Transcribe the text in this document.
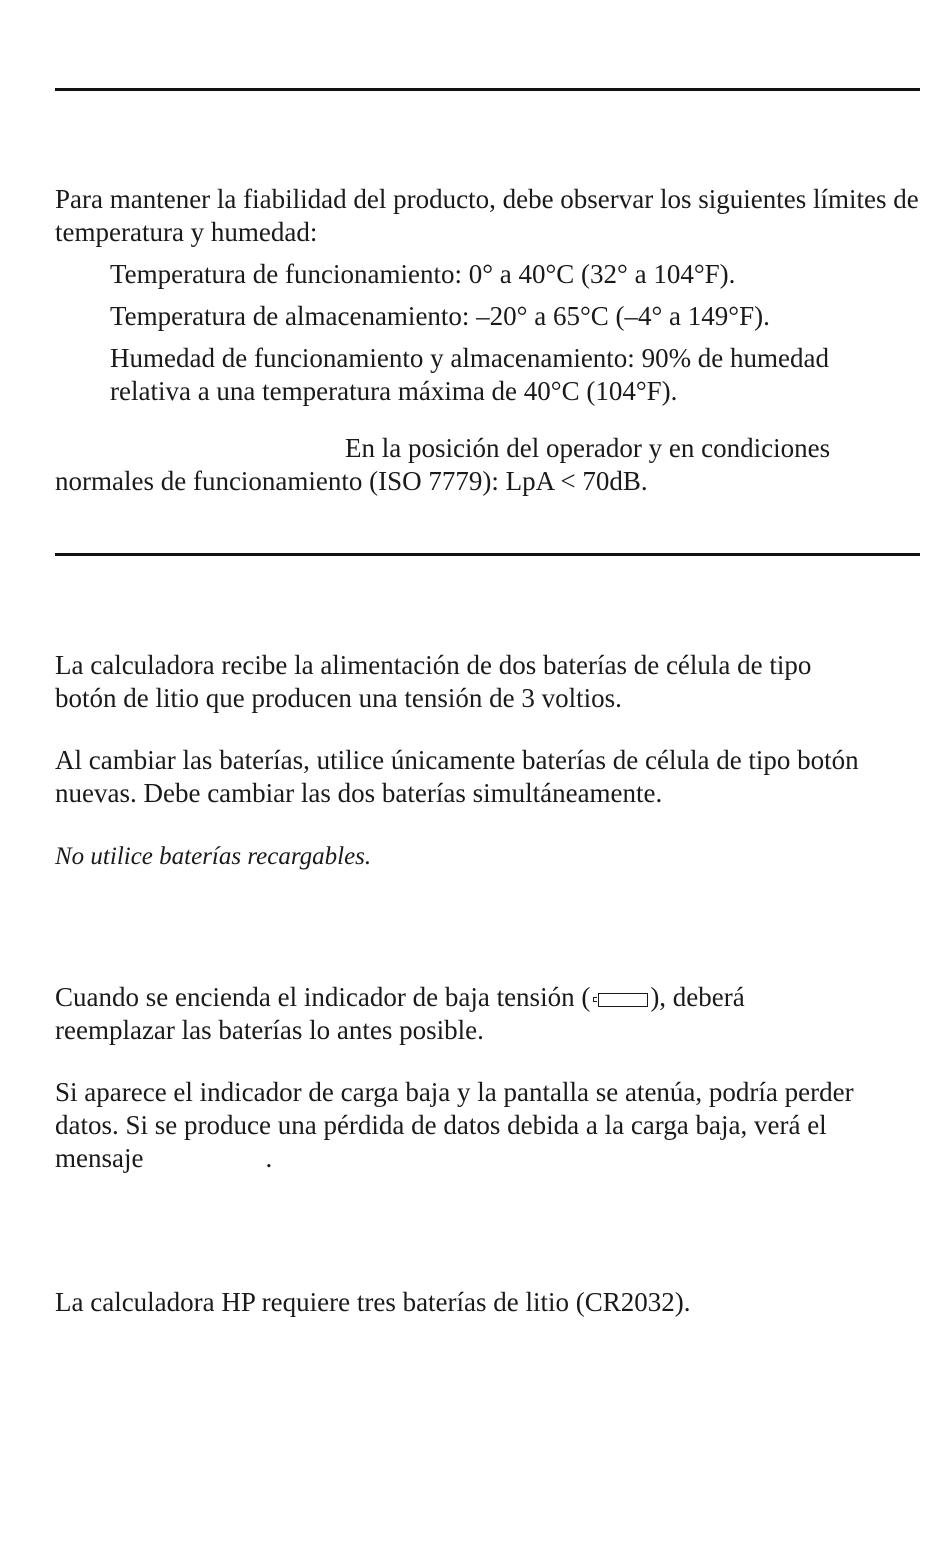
Para mantener la fiabilidad del producto, debe observar los siguientes límites de temperatura y humedad:

Temperatura de funcionamiento: 0° a 40°C (32° a 104°F).

Temperatura de almacenamiento: –20° a 65°C (–4° a 149°F).

Humedad de funcionamiento y almacenamiento: 90% de humedad
relativa a una temperatura máxima de 40°C (104°F).

En la posición del operador y en condiciones
normales de funcionamiento (ISO 7779): LpA < 70dB.

La calculadora recibe la alimentación de dos baterías de célula de tipo
botón de litio que producen una tensión de 3 voltios.

Al cambiar las baterías, utilice únicamente baterías de célula de tipo botón
nuevas. Debe cambiar las dos baterías simultáneamente.

No utilice baterías recargables.

Cuando se encienda el indicador de baja tensión ( ), deberá
reemplazar las baterías lo antes posible.

Si aparece el indicador de carga baja y la pantalla se atenúa, podría perder
datos. Si se produce una pérdida de datos debida a la carga baja, verá el
mensaje	.

La calculadora HP requiere tres baterías de litio (CR2032).
